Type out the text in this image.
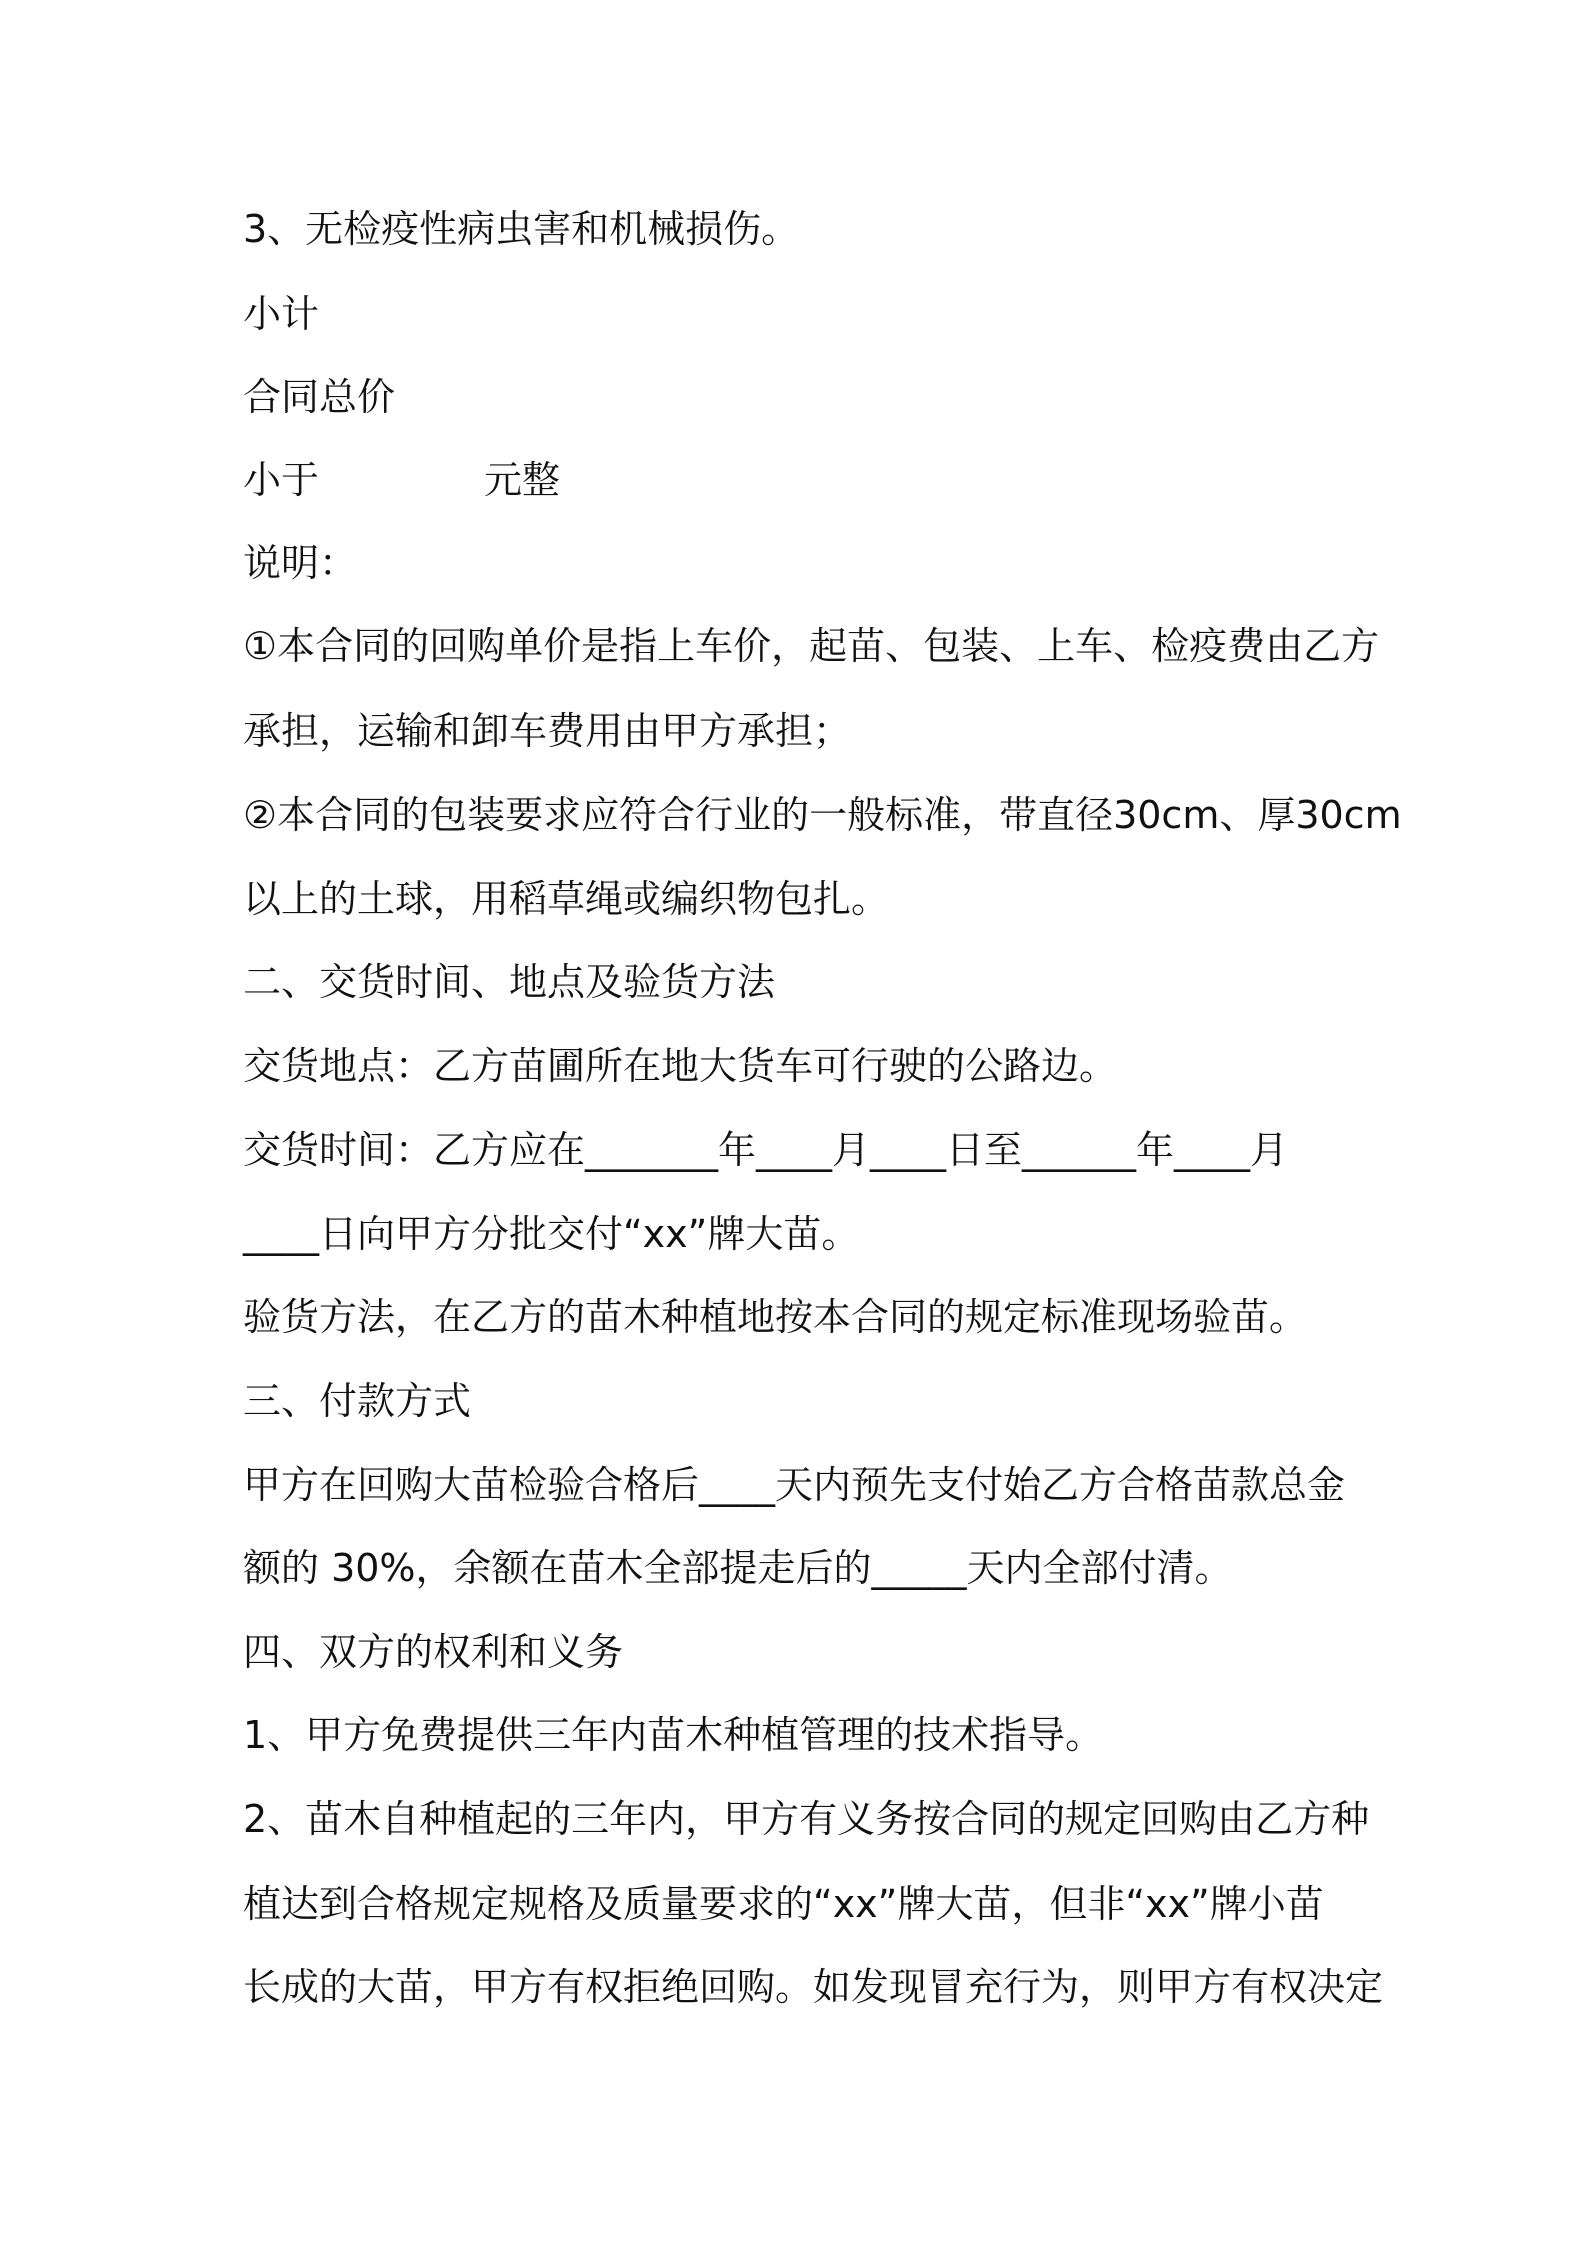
3、无检疫性病虫害和机械损伤。

小计

合同总价

小于	元整

说明：

①本合同的回购单价是指上车价，起苗、包装、上车、检疫费由乙方

承担，运输和卸车费用由甲方承担；

②本合同的包装要求应符合行业的一般标准，带直径30cm、厚30cm

以上的土球，用稻草绳或编织物包扎。

二、交货时间、地点及验货方法

交货地点：乙方苗圃所在地大货车可行驶的公路边。

交货时间：乙方应在_______年____月____日至______年____月

____日向甲方分批交付“xx”牌大苗。

验货方法，在乙方的苗木种植地按本合同的规定标准现场验苗。

三、付款方式

甲方在回购大苗检验合格后____天内预先支付始乙方合格苗款总金

额的 30%，余额在苗木全部提走后的_____天内全部付清。

四、双方的权利和义务

1、甲方免费提供三年内苗木种植管理的技术指导。

2、苗木自种植起的三年内，甲方有义务按合同的规定回购由乙方种

植达到合格规定规格及质量要求的“xx”牌大苗，但非“xx”牌小苗

长成的大苗，甲方有权拒绝回购。如发现冒充行为，则甲方有权决定
